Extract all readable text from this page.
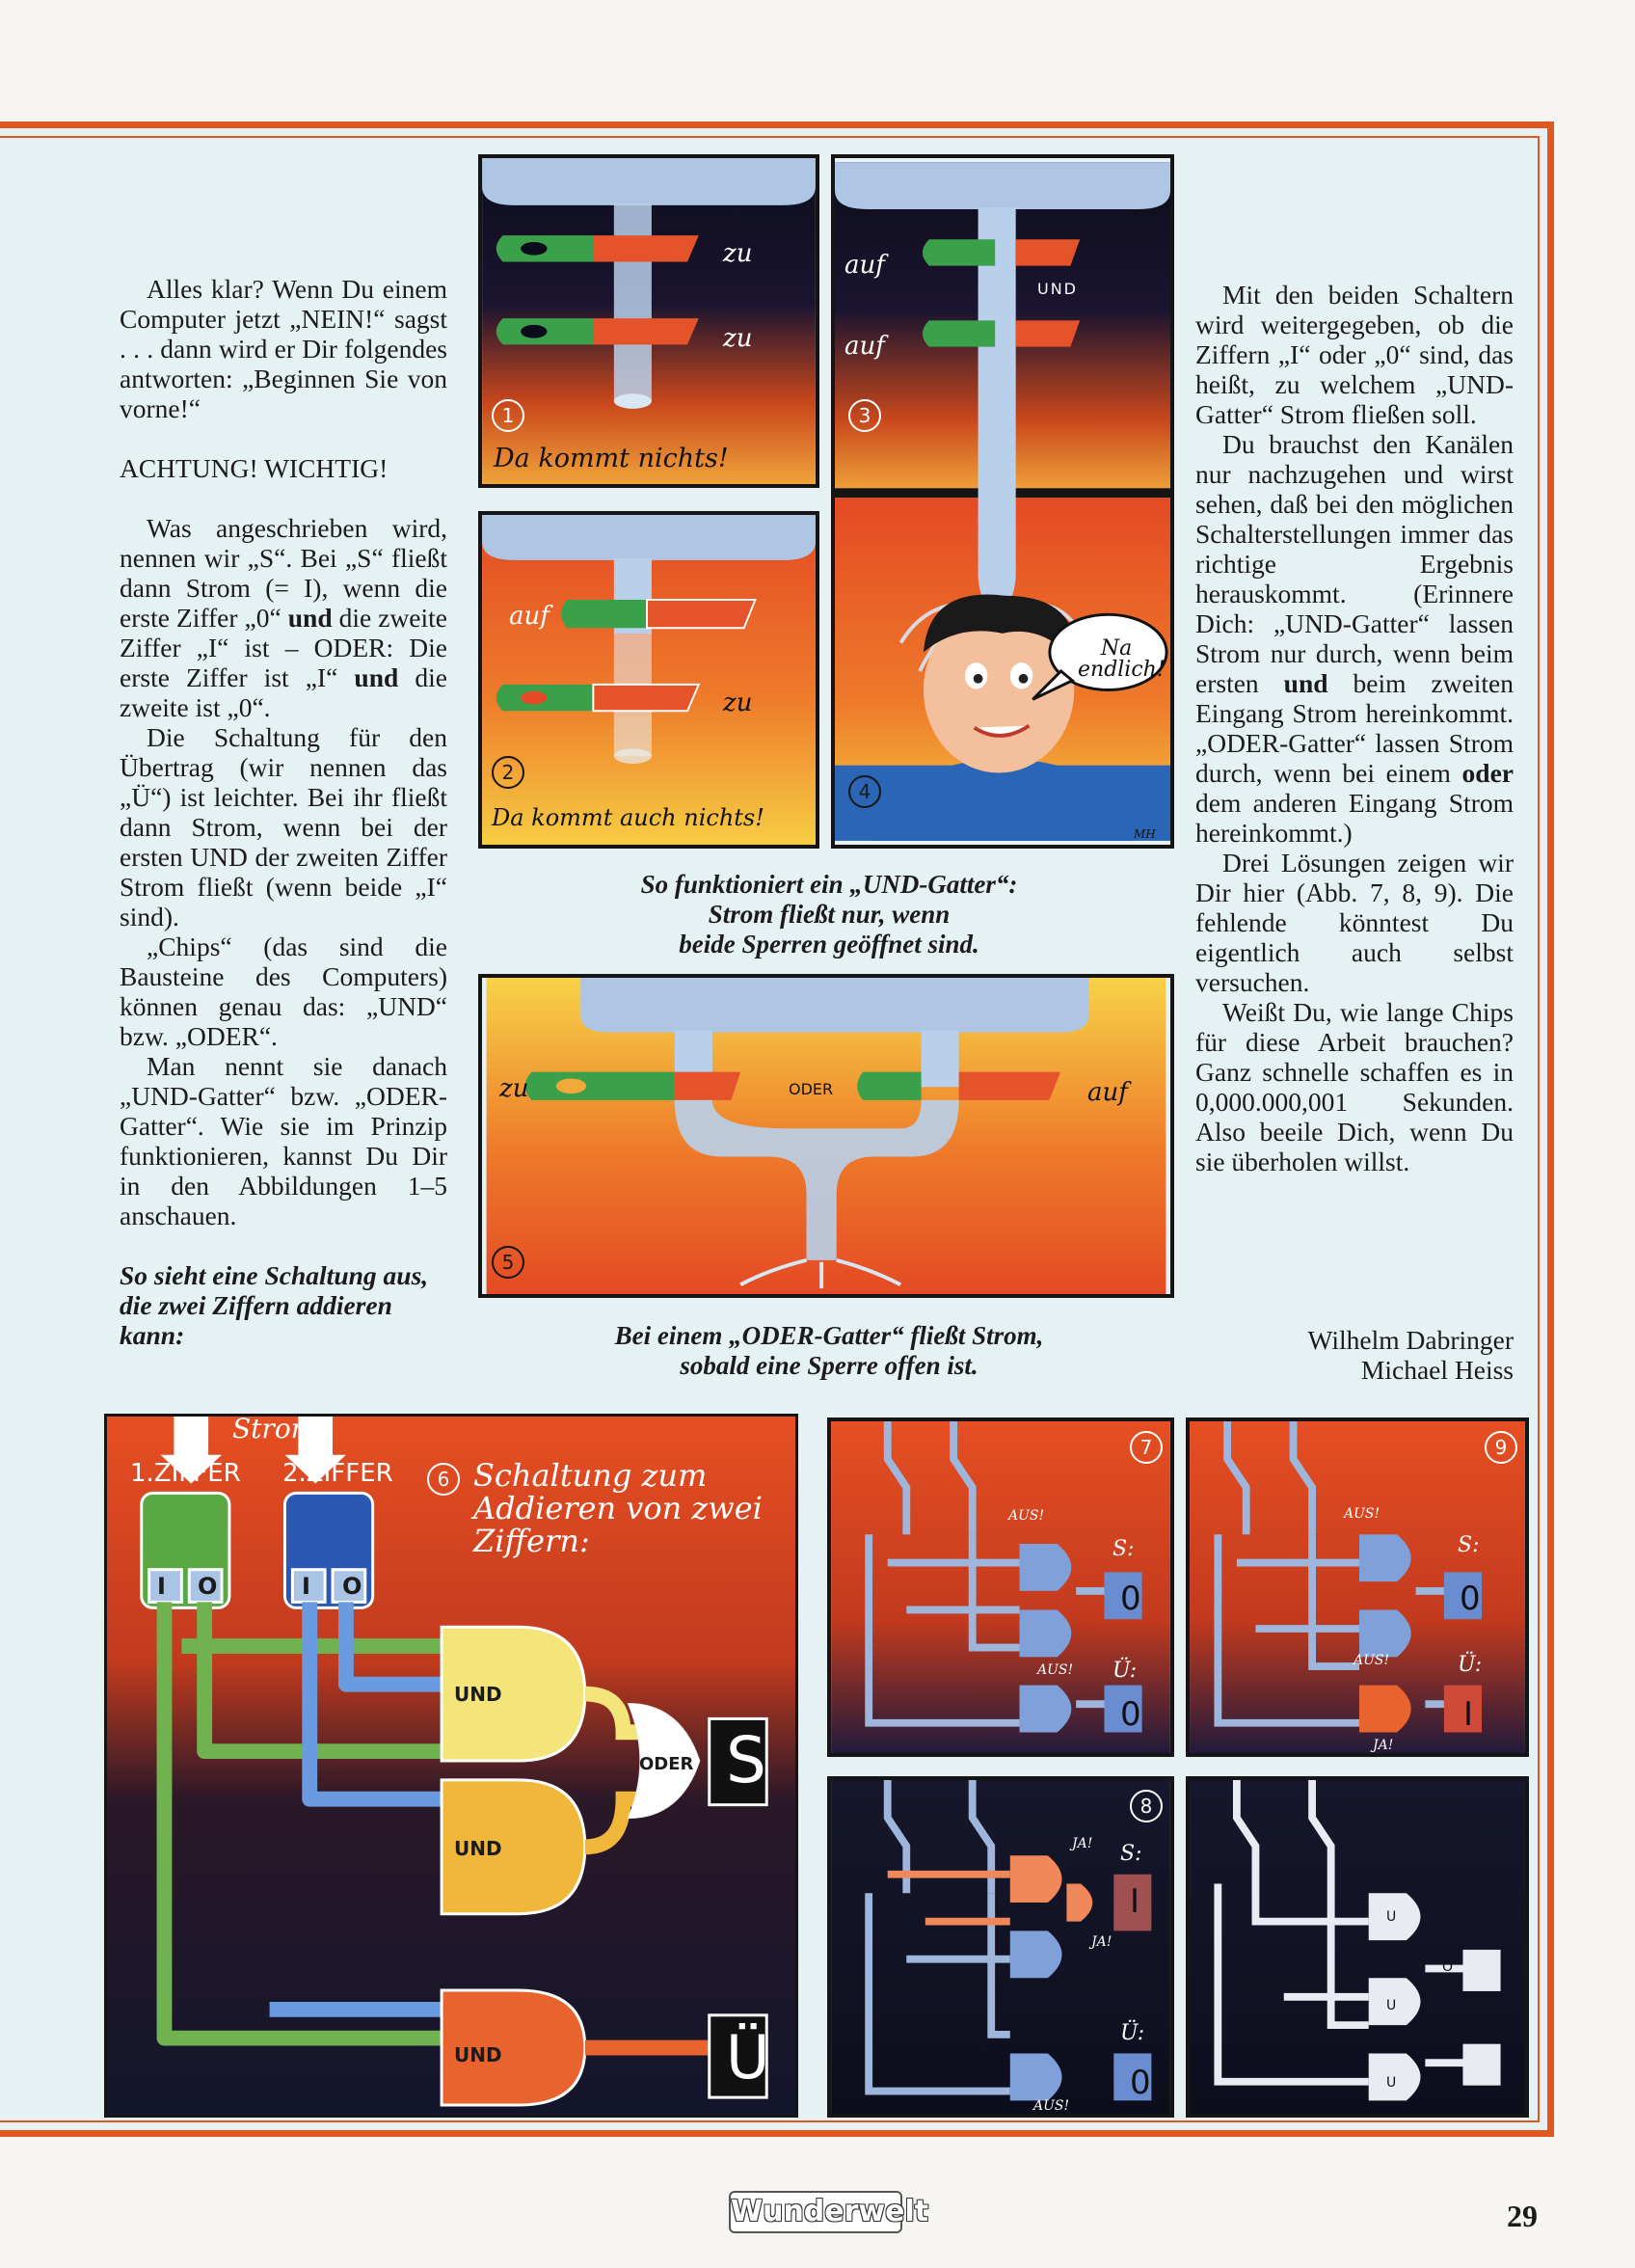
Alles klar? Wenn Du einem Computer jetzt „NEIN!“ sagst . . . dann wird er Dir folgendes antworten: „Beginnen Sie von vorne!“

ACHTUNG! WICHTIG!

Was angeschrieben wird, nennen wir „S“. Bei „S“ fließt dann Strom (= I), wenn die erste Ziffer „0“ und die zweite Ziffer „I“ ist – ODER: Die erste Ziffer ist „I“ und die zweite ist „0“.

Die Schaltung für den Übertrag (wir nennen das „Ü“) ist leichter. Bei ihr fließt dann Strom, wenn bei der ersten UND der zweiten Ziffer Strom fließt (wenn beide „I“ sind).

„Chips“ (das sind die Bausteine des Computers) können genau das: „UND“ bzw. „ODER“.

Man nennt sie danach „UND-Gatter“ bzw. „ODER-Gatter“. Wie sie im Prinzip funktionieren, kannst Du Dir in den Abbildungen 1–5 anschauen.

So sieht eine Schaltung aus, die zwei Ziffern addieren kann:

Mit den beiden Schaltern wird weitergegeben, ob die Ziffern „I“ oder „0“ sind, das heißt, zu welchem „UND-Gatter“ Strom fließen soll.

Du brauchst den Kanälen nur nachzugehen und wirst sehen, daß bei den möglichen Schalterstellungen immer das richtige Ergebnis herauskommt. (Erinnere Dich: „UND-Gatter“ lassen Strom nur durch, wenn beim ersten und beim zweiten Eingang Strom hereinkommt. „ODER-Gatter“ lassen Strom durch, wenn bei einem oder dem anderen Eingang Strom hereinkommt.)

Drei Lösungen zeigen wir Dir hier (Abb. 7, 8, 9). Die fehlende könntest Du eigentlich auch selbst versuchen.

Weißt Du, wie lange Chips für diese Arbeit brauchen? Ganz schnelle schaffen es in 0,000.000,001 Sekunden. Also beeile Dich, wenn Du sie überholen willst.

Wilhelm Dabringer
Michael Heiss
zu
zu
1
Da kommt nichts!
auf
zu
2
Da kommt auch nichts!
auf
auf
UND
3
Na endlich!
4
MH
So funktioniert ein „UND-Gatter“:
Strom fließt nur, wenn
beide Sperren geöffnet sind.
zu	auf
ODER
5
Bei einem „ODER-Gatter“ fließt Strom,
sobald eine Sperre offen ist.
Strom
1.ZIFFER 2.ZIFFER	6 Schaltung zum Addieren von zwei Ziffern:
I O	I O
UND
UND
UND
ODER S
Ü
7
S:
0
Ü:
0
AUS!
AUS!
9
S:
0
Ü:
I
AUS!
AUS!
JA!
8
S:
I
Ü:
0
JA!
JA!
AUS!
U
O
U
U
Wunderwelt	29
